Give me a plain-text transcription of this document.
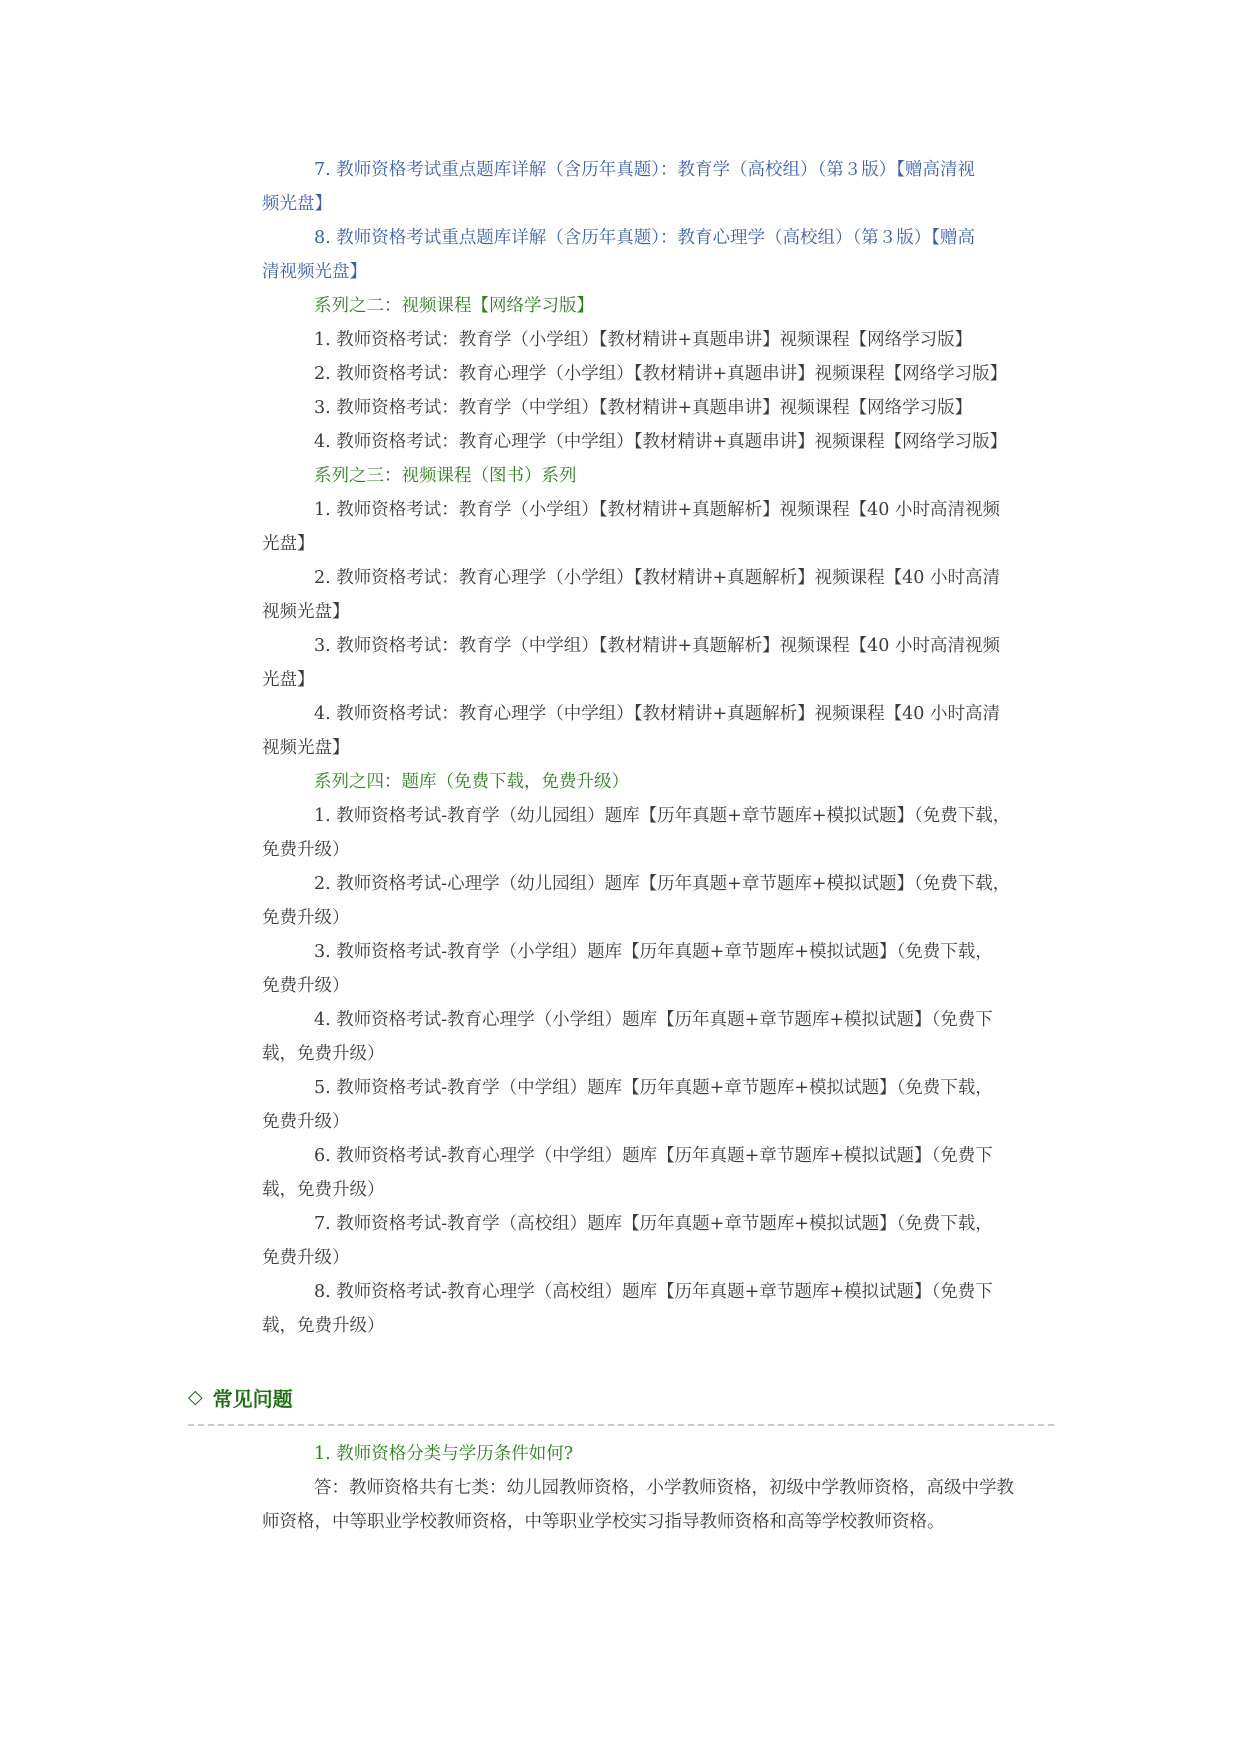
7. 教师资格考试重点题库详解（含历年真题）：教育学（高校组）（第３版）【赠高清视

频光盘】

8. 教师资格考试重点题库详解（含历年真题）：教育心理学（高校组）（第３版）【赠高

清视频光盘】

系列之二：视频课程【网络学习版】

1. 教师资格考试：教育学（小学组）【教材精讲+真题串讲】视频课程【网络学习版】

2. 教师资格考试：教育心理学（小学组）【教材精讲+真题串讲】视频课程【网络学习版】

3. 教师资格考试：教育学（中学组）【教材精讲+真题串讲】视频课程【网络学习版】

4. 教师资格考试：教育心理学（中学组）【教材精讲+真题串讲】视频课程【网络学习版】

系列之三：视频课程（图书）系列

1. 教师资格考试：教育学（小学组）【教材精讲+真题解析】视频课程【40 小时高清视频

光盘】

2. 教师资格考试：教育心理学（小学组）【教材精讲+真题解析】视频课程【40 小时高清

视频光盘】

3. 教师资格考试：教育学（中学组）【教材精讲+真题解析】视频课程【40 小时高清视频

光盘】

4. 教师资格考试：教育心理学（中学组）【教材精讲+真题解析】视频课程【40 小时高清

视频光盘】

系列之四：题库（免费下载，免费升级）

1. 教师资格考试-教育学（幼儿园组）题库【历年真题+章节题库+模拟试题】（免费下载，

免费升级）

2. 教师资格考试-心理学（幼儿园组）题库【历年真题+章节题库+模拟试题】（免费下载，

免费升级）

3. 教师资格考试-教育学（小学组）题库【历年真题+章节题库+模拟试题】（免费下载，

免费升级）

4. 教师资格考试-教育心理学（小学组）题库【历年真题+章节题库+模拟试题】（免费下

载，免费升级）

5. 教师资格考试-教育学（中学组）题库【历年真题+章节题库+模拟试题】（免费下载，

免费升级）

6. 教师资格考试-教育心理学（中学组）题库【历年真题+章节题库+模拟试题】（免费下

载，免费升级）

7. 教师资格考试-教育学（高校组）题库【历年真题+章节题库+模拟试题】（免费下载，

免费升级）

8. 教师资格考试-教育心理学（高校组）题库【历年真题+章节题库+模拟试题】（免费下

载，免费升级）

◇ 常见问题

1. 教师资格分类与学历条件如何?

答：教师资格共有七类：幼儿园教师资格，小学教师资格，初级中学教师资格，高级中学教

师资格，中等职业学校教师资格，中等职业学校实习指导教师资格和高等学校教师资格。
